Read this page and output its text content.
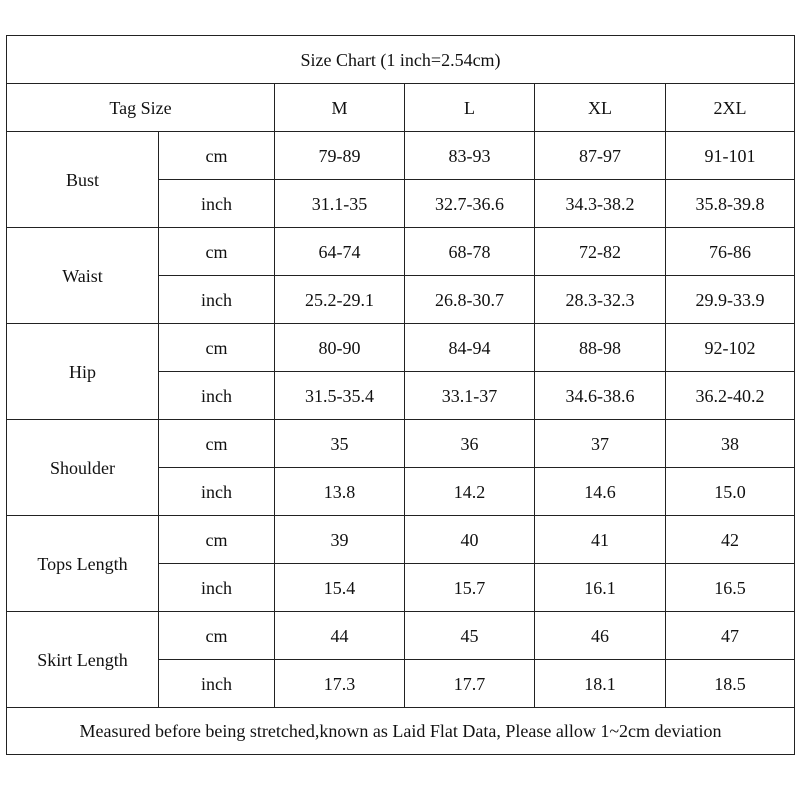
Size Chart (1 inch=2.54cm)					
Tag Size		M	L	XL	2XL
Bust	cm	79-89	83-93	87-97	91-101
	inch	31.1-35	32.7-36.6	34.3-38.2	35.8-39.8
Waist	cm	64-74	68-78	72-82	76-86
	inch	25.2-29.1	26.8-30.7	28.3-32.3	29.9-33.9
Hip	cm	80-90	84-94	88-98	92-102
	inch	31.5-35.4	33.1-37	34.6-38.6	36.2-40.2
Shoulder	cm	35	36	37	38
	inch	13.8	14.2	14.6	15.0
Tops Length	cm	39	40	41	42
	inch	15.4	15.7	16.1	16.5
Skirt Length	cm	44	45	46	47
	inch	17.3	17.7	18.1	18.5
Measured before being stretched,known as Laid Flat Data, Please allow 1~2cm deviation					
